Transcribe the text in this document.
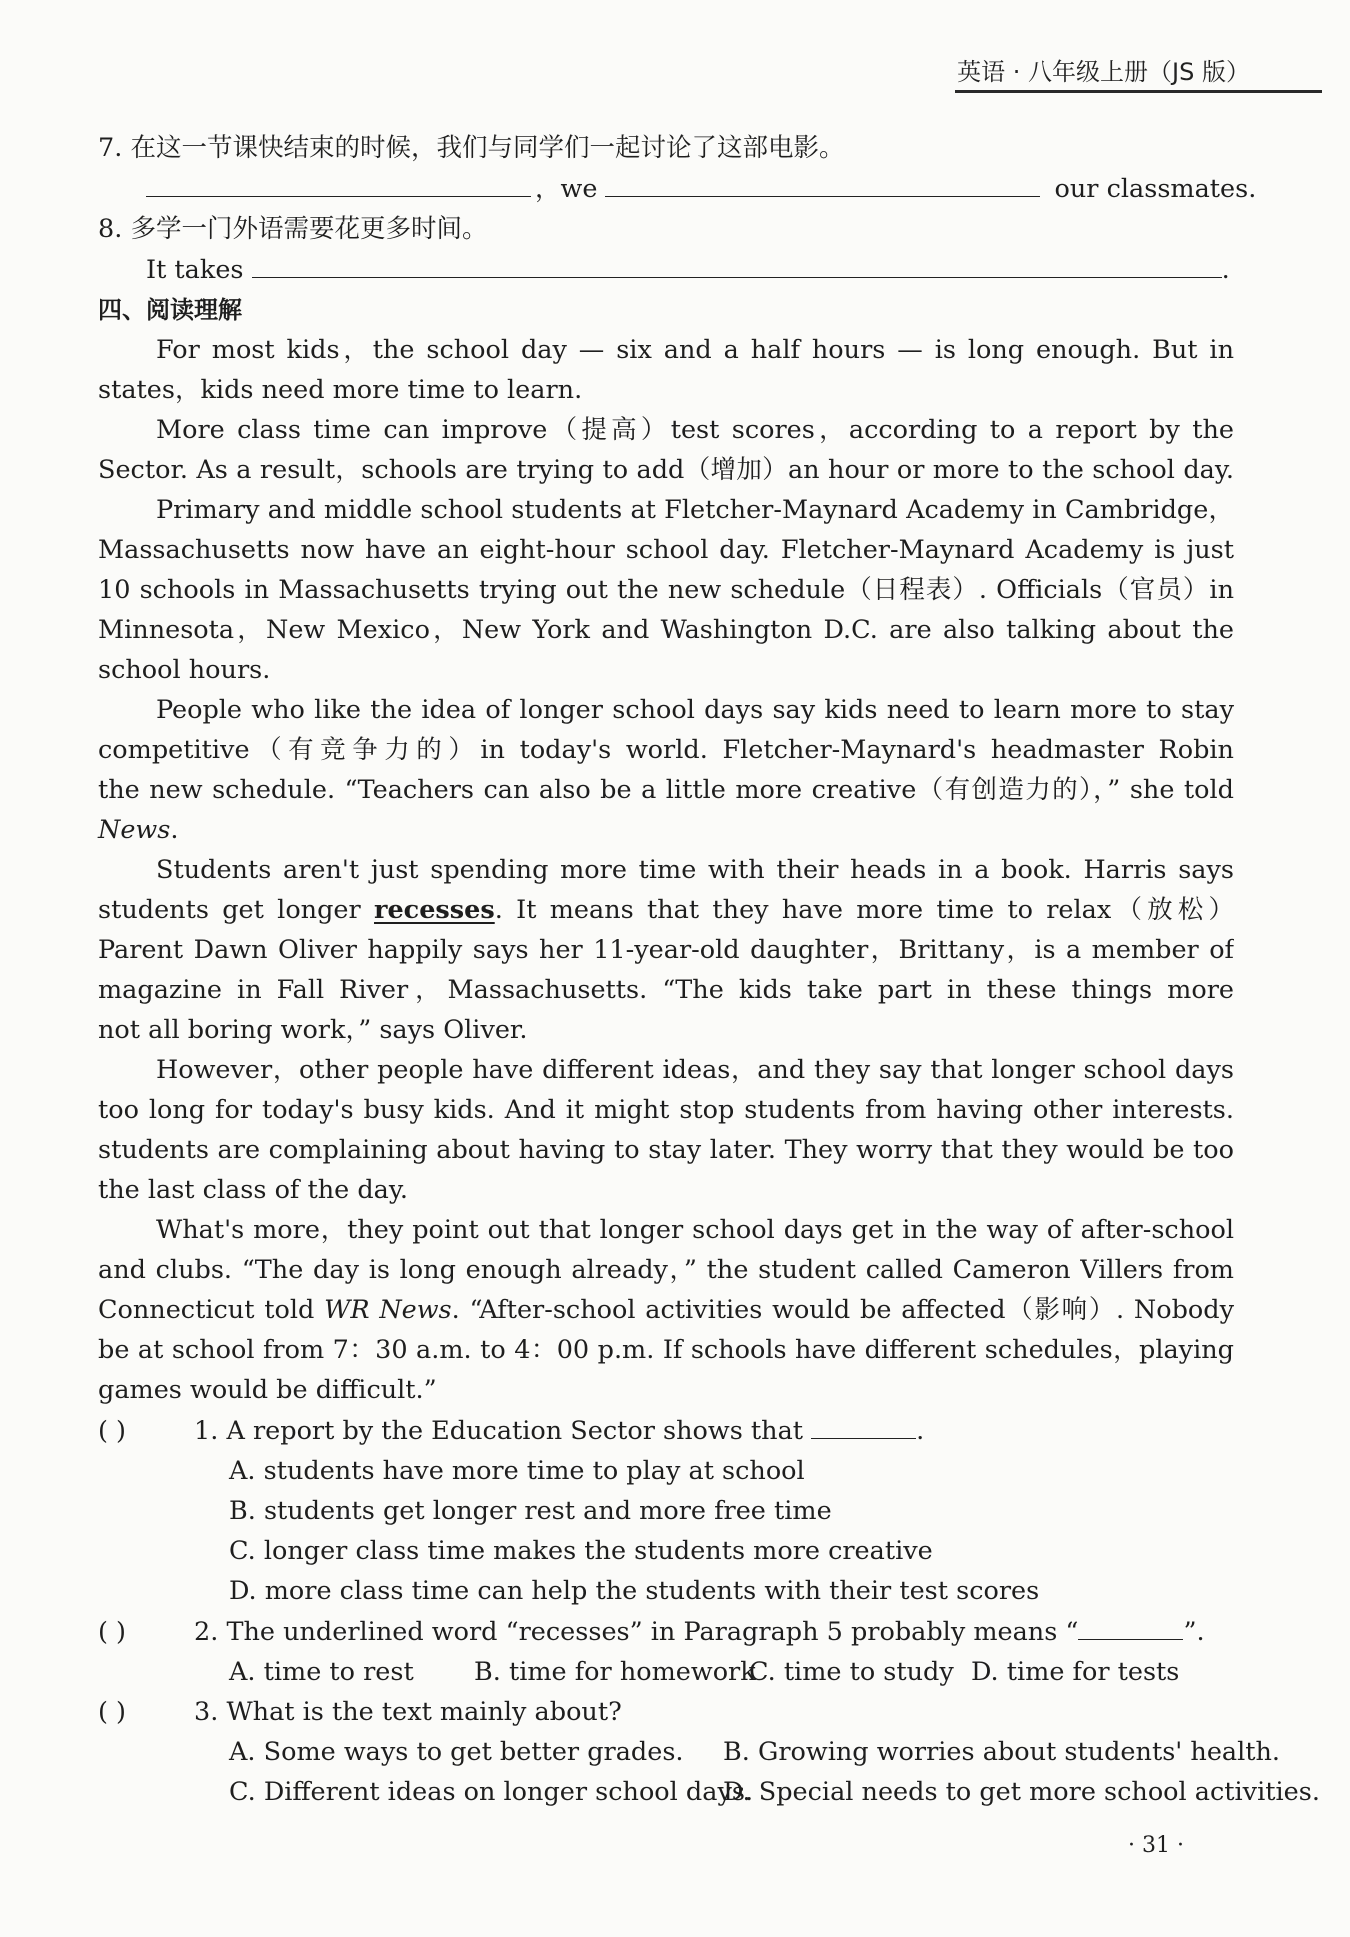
英语 · 八年级上册（JS 版）
7. 在这一节课快结束的时候，我们与同学们一起讨论了这部电影。
，we	our classmates.
8. 多学一门外语需要花更多时间。
It takes	.
四、阅读理解
For most kids，the school day — six and a half hours — is long enough. But in
states，kids need more time to learn.
More class time can improve（提高）test scores，according to a report by the
Sector. As a result，schools are trying to add（增加）an hour or more to the school day.
Primary and middle school students at Fletcher-Maynard Academy in Cambridge，
Massachusetts now have an eight-hour school day. Fletcher-Maynard Academy is just
10 schools in Massachusetts trying out the new schedule（日程表）. Officials（官员）in
Minnesota，New Mexico，New York and Washington D.C. are also talking about the
school hours.
People who like the idea of longer school days say kids need to learn more to stay
competitive（有竞争力的）in today's world. Fletcher-Maynard's headmaster Robin
the new schedule. “Teachers can also be a little more creative（有创造力的），” she told
News.
Students aren't just spending more time with their heads in a book. Harris says
students get longer recesses. It means that they have more time to relax（放松）
Parent Dawn Oliver happily says her 11-year-old daughter，Brittany，is a member of
magazine in Fall River，Massachusetts. “The kids take part in these things more
not all boring work，” says Oliver.
However，other people have different ideas，and they say that longer school days
too long for today's busy kids. And it might stop students from having other interests.
students are complaining about having to stay later. They worry that they would be too
the last class of the day.
What's more，they point out that longer school days get in the way of after-school
and clubs. “The day is long enough already，” the student called Cameron Villers from
Connecticut told WR News. “After-school activities would be affected（影响）. Nobody
be at school from 7：30 a.m. to 4：00 p.m. If schools have different schedules，playing
games would be difficult.”
( )	1. A report by the Education Sector shows that	.
A. students have more time to play at school
B. students get longer rest and more free time
C. longer class time makes the students more creative
D. more class time can help the students with their test scores
( )	2. The underlined word “recesses” in Paragraph 5 probably means “	”.
A. time to rest B. time for homeworkC. time to study D. time for tests
( )	3. What is the text mainly about?
A. Some ways to get better grades. B. Growing worries about students' health.
C. Different ideas on longer school days.
D. Special needs to get more school activities.
· 31 ·
